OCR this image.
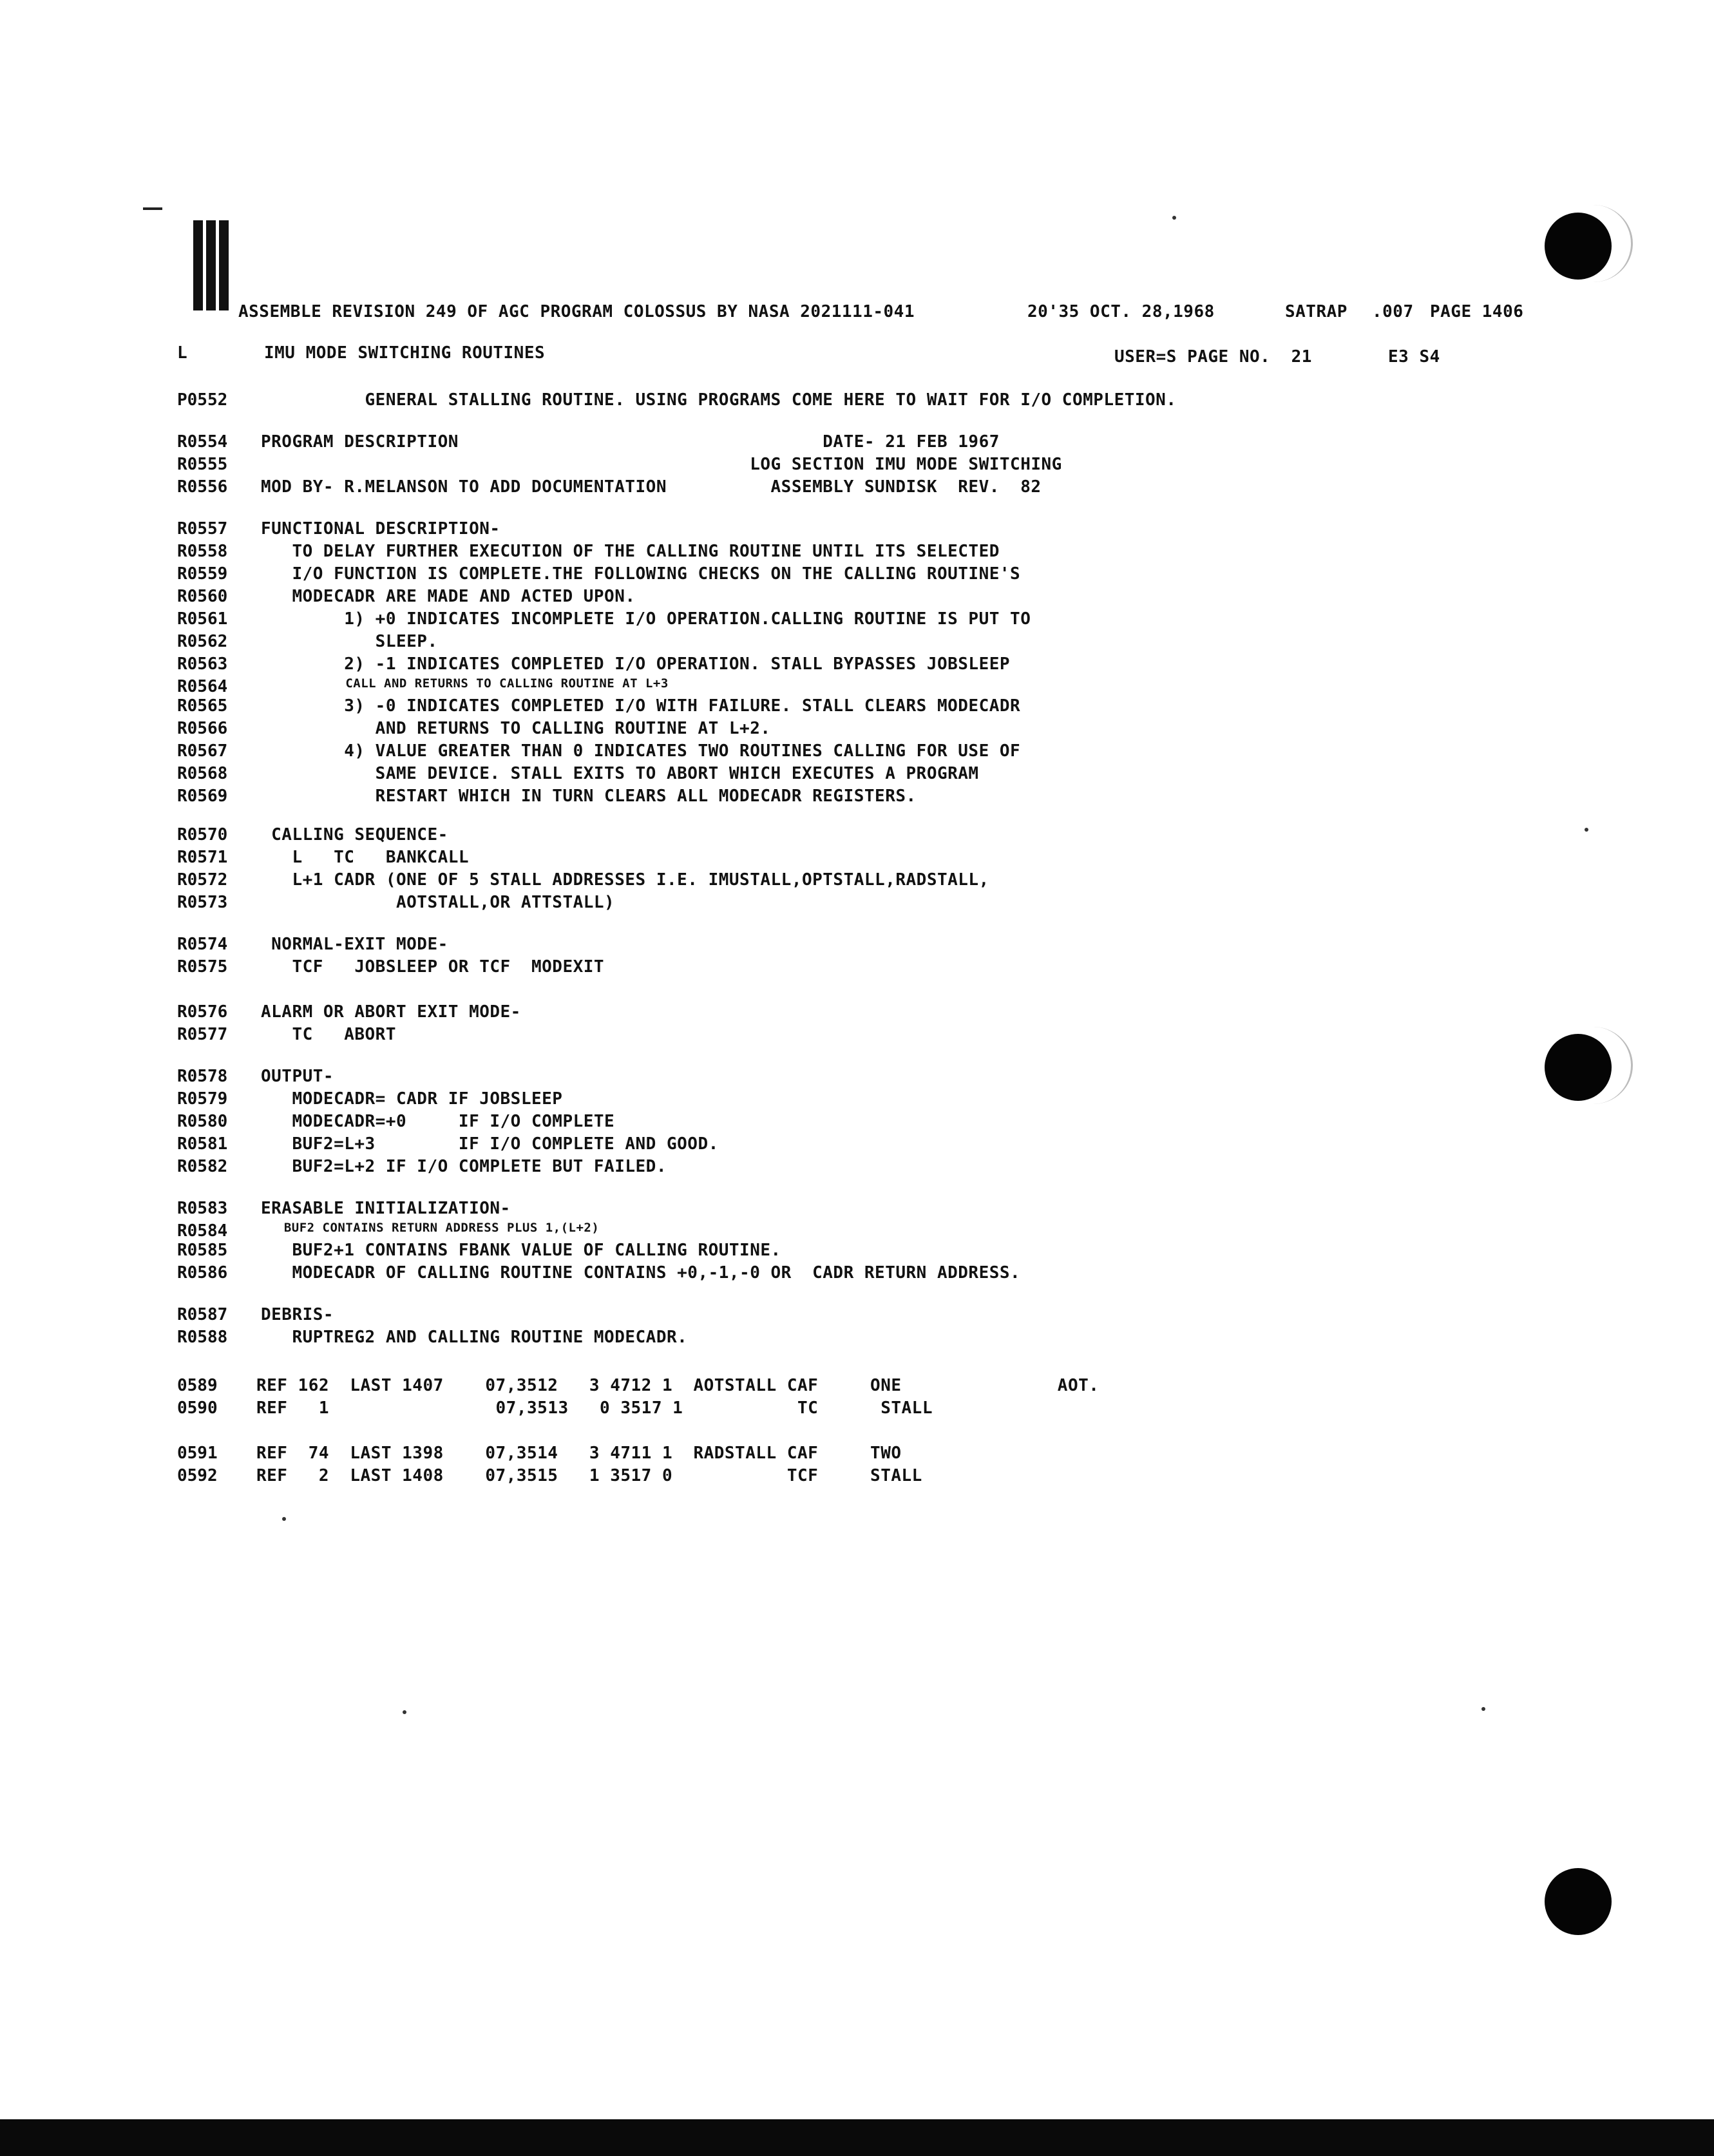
ASSEMBLE REVISION 249 OF AGC PROGRAM COLOSSUS BY NASA 2021111-041	20'35 OCT. 28,1968	SATRAP .007 PAGE 1406
L	IMU MODE SWITCHING ROUTINES	USER=S PAGE NO.  21	E3 S4
P0552 GENERAL STALLING ROUTINE. USING PROGRAMS COME HERE TO WAIT FOR I/O COMPLETION.
R0554 PROGRAM DESCRIPTION                                   DATE- 21 FEB 1967
R0555 LOG SECTION IMU MODE SWITCHING
R0556 MOD BY- R.MELANSON TO ADD DOCUMENTATION          ASSEMBLY SUNDISK  REV.  82
R0557 FUNCTIONAL DESCRIPTION-
R0558 TO DELAY FURTHER EXECUTION OF THE CALLING ROUTINE UNTIL ITS SELECTED
R0559 I/O FUNCTION IS COMPLETE.THE FOLLOWING CHECKS ON THE CALLING ROUTINE'S
R0560 MODECADR ARE MADE AND ACTED UPON.
R0561 1) +0 INDICATES INCOMPLETE I/O OPERATION.CALLING ROUTINE IS PUT TO
R0562 SLEEP.
R0563 2) -1 INDICATES COMPLETED I/O OPERATION. STALL BYPASSES JOBSLEEP
R0564	CALL AND RETURNS TO CALLING ROUTINE AT L+3
R0565 3) -0 INDICATES COMPLETED I/O WITH FAILURE. STALL CLEARS MODECADR
R0566 AND RETURNS TO CALLING ROUTINE AT L+2.
R0567 4) VALUE GREATER THAN 0 INDICATES TWO ROUTINES CALLING FOR USE OF
R0568 SAME DEVICE. STALL EXITS TO ABORT WHICH EXECUTES A PROGRAM
R0569 RESTART WHICH IN TURN CLEARS ALL MODECADR REGISTERS.
R0570 CALLING SEQUENCE-
R0571 L   TC   BANKCALL
R0572 L+1 CADR (ONE OF 5 STALL ADDRESSES I.E. IMUSTALL,OPTSTALL,RADSTALL,
R0573 AOTSTALL,OR ATTSTALL)
R0574 NORMAL-EXIT MODE-
R0575 TCF   JOBSLEEP OR TCF  MODEXIT
R0576 ALARM OR ABORT EXIT MODE-
R0577 TC   ABORT
R0578 OUTPUT-
R0579 MODECADR= CADR IF JOBSLEEP
R0580 MODECADR=+0     IF I/O COMPLETE
R0581 BUF2=L+3        IF I/O COMPLETE AND GOOD.
R0582 BUF2=L+2 IF I/O COMPLETE BUT FAILED.
R0583 ERASABLE INITIALIZATION-
R0584	BUF2 CONTAINS RETURN ADDRESS PLUS 1,(L+2)
R0585 BUF2+1 CONTAINS FBANK VALUE OF CALLING ROUTINE.
R0586 MODECADR OF CALLING ROUTINE CONTAINS +0,-1,-0 OR  CADR RETURN ADDRESS.
R0587 DEBRIS-
R0588 RUPTREG2 AND CALLING ROUTINE MODECADR.
0589 REF 162  LAST 1407    07,3512   3 4712 1  AOTSTALL CAF     ONE               AOT.
0590 REF   1                07,3513   0 3517 1           TC      STALL
0591 REF  74  LAST 1398    07,3514   3 4711 1  RADSTALL CAF     TWO
0592 REF   2  LAST 1408    07,3515   1 3517 0           TCF     STALL
